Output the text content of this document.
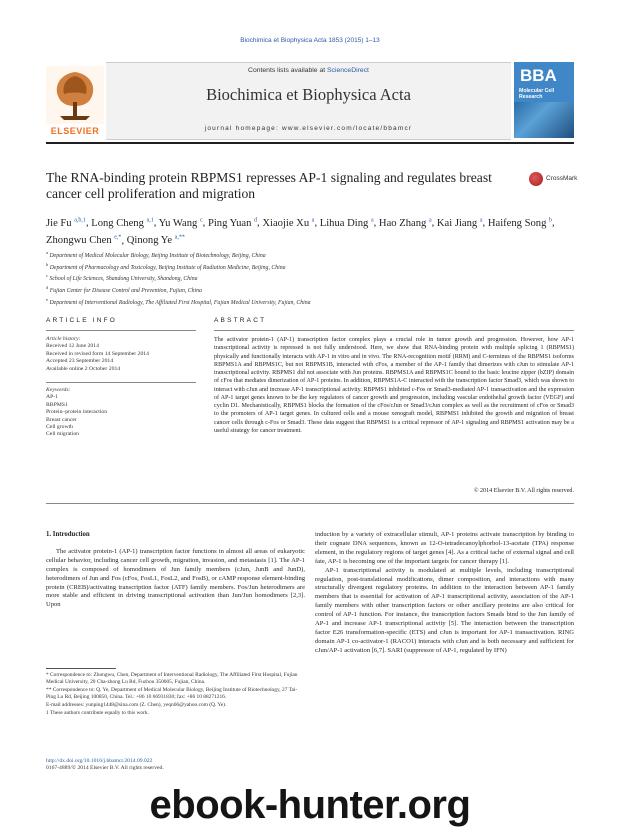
Biochimica et Biophysica Acta 1853 (2015) 1–13
ELSEVIER
Contents lists available at ScienceDirect
Biochimica et Biophysica Acta
journal homepage: www.elsevier.com/locate/bbamcr
BBA
Molecular Cell Research
The RNA-binding protein RBPMS1 represses AP-1 signaling and regulates breast cancer cell proliferation and migration
CrossMark
Jie Fu $^{a,b,1}$, Long Cheng $^{a,1}$, Yu Wang $^c$, Ping Yuan $^d$, Xiaojie Xu $^a$, Lihua Ding $^a$, Hao Zhang $^a$, Kai Jiang $^a$, Haifeng Song $^b$, Zhongwu Chen $^{e,*}$, Qinong Ye $^{a,**}$
$^a$ Department of Medical Molecular Biology, Beijing Institute of Biotechnology, Beijing, China
$^b$ Department of Pharmacology and Toxicology, Beijing Institute of Radiation Medicine, Beijing, China
$^c$ School of Life Sciences, Shandong University, Shandong, China
$^d$ Fujian Center for Disease Control and Prevention, Fujian, China
$^e$ Department of Interventional Radiology, The Affiliated First Hospital, Fujian Medical University, Fujian, China
ARTICLE INFO	ABSTRACT
Article history:
Received 12 June 2014
Received in revised form 14 September 2014
Accepted 23 September 2014
Available online 2 October 2014
Keywords:
AP-1
RBPMS1
Protein–protein interaction
Breast cancer
Cell growth
Cell migration
The activator protein-1 (AP-1) transcription factor complex plays a crucial role in tumor growth and progression. However, how AP-1 transcriptional activity is repressed is not fully understood. Here, we show that RNA-binding protein with multiple splicing 1 (RBPMS1) physically and functionally interacts with AP-1 in vitro and in vivo. The RNA-recognition motif (RRM) and C-terminus of the RBPMS1 isoforms RBPMS1A and RBPMS1C, but not RBPMS1B, interacted with cFos, a member of the AP-1 family that dimerizes with cJun to stimulate AP-1 transcriptional activity. RBPMS1 did not associate with Jun proteins. RBPMS1A and RBPMS1C bound to the basic leucine zipper (bZIP) domain of cFos that mediates dimerization of AP-1 proteins. In addition, RBPMS1A-C interacted with the transcription factor Smad3, which was shown to interact with cJun and increase AP-1 transcriptional activity. RBPMS1 inhibited c-Fos or Smad3-mediated AP-1 transactivation and the expression of AP-1 target genes known to be the key regulators of cancer growth and progression, including vascular endothelial growth factor (VEGF) and cyclin D1. Mechanistically, RBPMS1 blocks the formation of the cFos/cJun or Smad3/cJun complex as well as the recruitment of cFos or Smad3 to the promoters of AP-1 target genes. In cultured cells and a mouse xenograft model, RBPMS1 inhibited the growth and migration of breast cancer cells through c-Fos or Smad3. These data suggest that RBPMS1 is a critical repressor of AP-1 signaling and RBPMS1 activation may be a useful strategy for cancer treatment.
© 2014 Elsevier B.V. All rights reserved.
1. Introduction

The activator protein-1 (AP-1) transcription factor functions in almost all areas of eukaryotic cellular behavior, including cancer cell growth, migration, invasion, and metastasis [1]. The AP-1 complex is composed of homodimers of Jun family members (cJun, JunB and JunD), heterodimers of Jun and Fos (cFos, FosL1, FosL2, and FosB), or cAMP response element-binding protein (CREB)/activating transcription factor (ATF) family members. Fos/Jun heterodimers are more stable and efficient in driving transcriptional activation than Jun/Jun homodimers [2,3]. Upon

induction by a variety of extracellular stimuli, AP-1 proteins activate transcription by binding to their cognate DNA sequences, known as 12-O-tetradecanoylphorbol-13-acetate (TPA) response element, in the regulatory regions of target genes [4]. As a critical tache of external signal and cell fate, AP-1 is becoming one of the important targets for cancer therapy [1].

AP-1 transcriptional activity is modulated at multiple levels, including transcriptional regulation, post-translational modifications, dimer composition, and interactions with many structurally divergent regulatory proteins. In addition to the interaction between AP-1 family members that is essential for activation of AP-1 transcriptional activity, association of the AP-1 family members with other transcription factors or other ancillary proteins are also critical for control of AP-1 function. For instance, the transcription factors Smads bind to the Jun family of AP-1 and increase AP-1 transcriptional activity [5]. The interaction between the transcription factor E26 transformation-specific (ETS) and cJun is important for AP-1 transactivation. RING domain AP-1 co-activator-1 (RACO1) interacts with cJun and is both necessary and sufficient for cJun/AP-1 activation [6,7]. SARI (suppressor of AP-1, regulated by IFN)

* Correspondence to: Zhongwu, Chen, Department of Interventional Radiology, The Affiliated First Hospital, Fujian Medical University, 20 Cha-zhong Lu Rd, Fuzhou 350005, Fujian, China.
** Correspondence to: Q. Ye, Department of Medical Molecular Biology, Beijing Institute of Biotechnology, 27 Tai-Ping Lu Rd, Beijing 100850, China. Tel.: +86 10 66931830; fax: +86 10 88271216.
E-mail addresses: yunping1448@sina.com (Z. Chen), yeqn66@yahoo.com (Q. Ye).
1 These authors contribute equally to this work.
http://dx.doi.org/10.1016/j.bbamcr.2014.09.022
0167-4889/© 2014 Elsevier B.V. All rights reserved.
ebook-hunter.org
